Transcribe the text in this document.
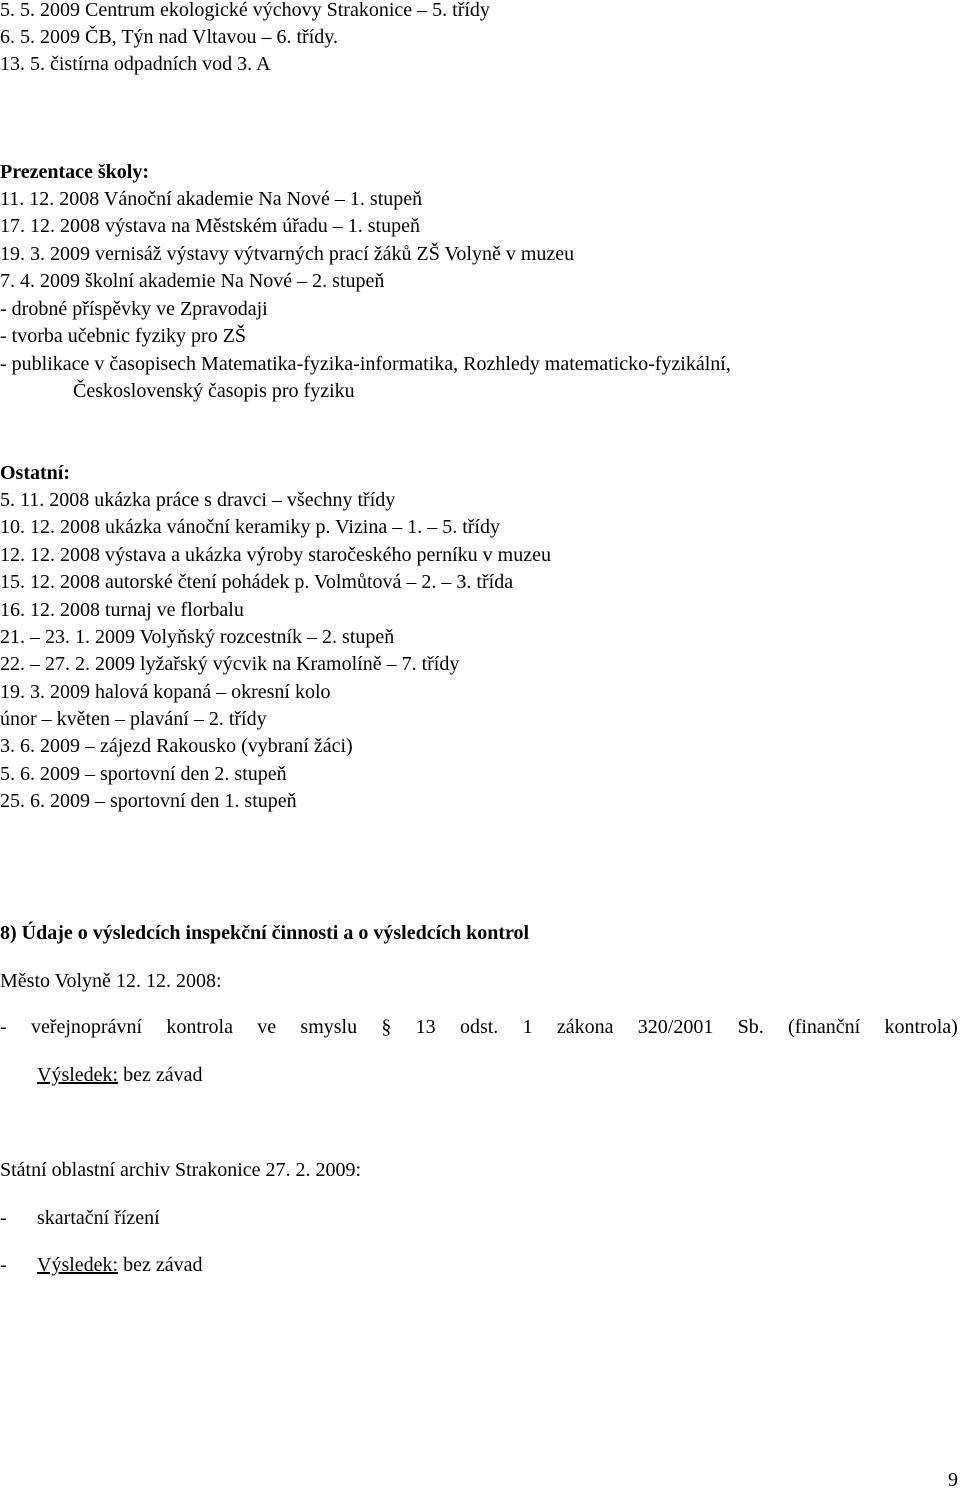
5. 5. 2009 Centrum ekologické výchovy Strakonice – 5. třídy
6. 5. 2009 ČB, Týn nad Vltavou – 6. třídy.
13. 5. čistírna odpadních vod 3. A
Prezentace školy:
11. 12. 2008 Vánoční akademie Na Nové – 1. stupeň
17. 12. 2008 výstava na Městském úřadu – 1. stupeň
19. 3. 2009 vernisáž výstavy výtvarných prací žáků ZŠ Volyně v muzeu
7. 4. 2009 školní akademie Na Nové – 2. stupeň
- drobné příspěvky ve Zpravodaji
- tvorba učebnic fyziky pro ZŠ
- publikace v časopisech Matematika-fyzika-informatika, Rozhledy matematicko-fyzikální,
Československý časopis pro fyziku
Ostatní:
5. 11. 2008 ukázka práce s dravci – všechny třídy
10. 12. 2008 ukázka vánoční keramiky p. Vizina – 1. – 5. třídy
12. 12. 2008 výstava a ukázka výroby staročeského perníku v muzeu
15. 12. 2008 autorské čtení pohádek p. Volmůtová – 2. – 3. třída
16. 12. 2008 turnaj ve florbalu
21. – 23. 1. 2009 Volyňský rozcestník – 2. stupeň
22. – 27. 2. 2009 lyžařský výcvik na Kramolíně – 7. třídy
19. 3. 2009 halová kopaná – okresní kolo
únor – květen – plavání – 2. třídy
3. 6. 2009 – zájezd Rakousko (vybraní žáci)
5. 6. 2009 – sportovní den 2. stupeň
25. 6. 2009 – sportovní den 1. stupeň
8) Údaje o výsledcích inspekční činnosti a o výsledcích kontrol
Město Volyně 12. 12. 2008:
- veřejnoprávní kontrola ve smyslu § 13 odst. 1 zákona 320/2001 Sb. (finanční kontrola)
Výsledek: bez závad
Státní oblastní archiv Strakonice 27. 2. 2009:
- skartační řízení
- Výsledek: bez závad
9
